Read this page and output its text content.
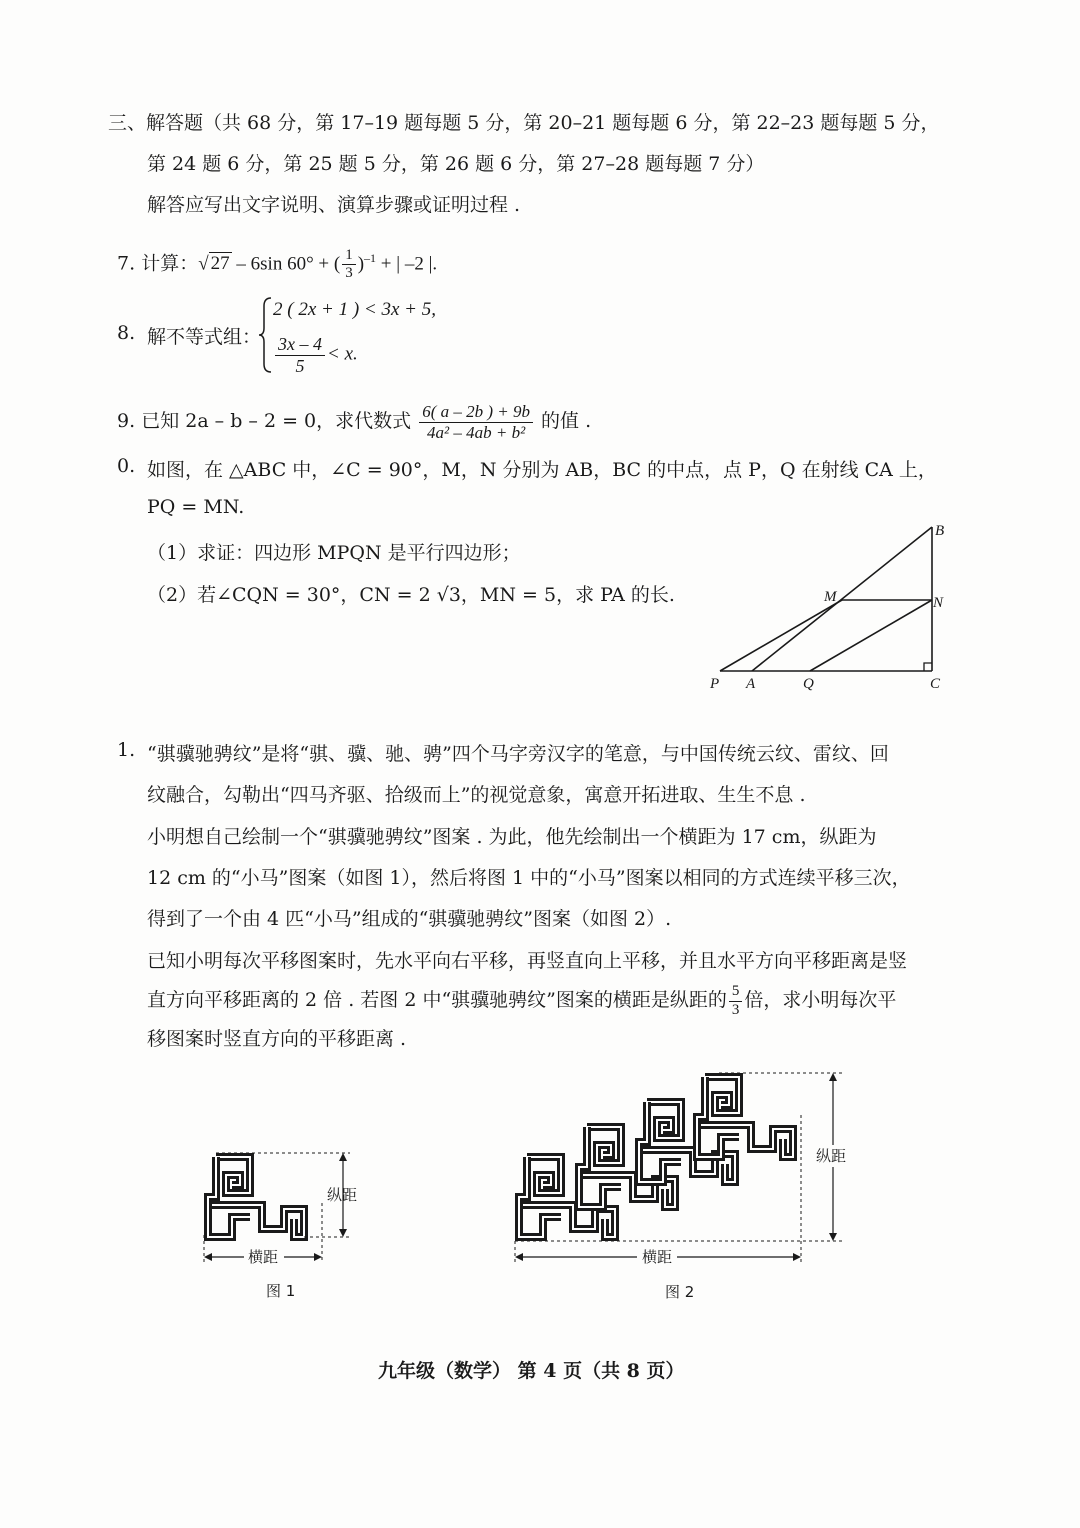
三、解答题（共 68 分，第 17–19 题每题 5 分，第 20–21 题每题 6 分，第 22–23 题每题 5 分，
第 24 题 6 分，第 25 题 5 分，第 26 题 6 分，第 27–28 题每题 7 分）
解答应写出文字说明、演算步骤或证明过程 .
7. 计算：√ 27 – 6sin 60° + ( $\frac{1}{3} )^{-1}$ + | –2 |.
8. 解不等式组：
2 ( 2x + 1 ) < 3x + 5,
$\frac{3x - 4}{5} < x$.
9. 已知 2a – b – 2 = 0，求代数式 $\frac{6( a - 2b ) + 9b}{\text{4a² – 4ab + b²}}$ 的值 .
0. 如图，在 △ABC 中，∠C = 90°，M，N 分别为 AB，BC 的中点，点 P，Q 在射线 CA 上，
PQ = MN.
（1）求证：四边形 MPQN 是平行四边形；
（2）若∠CQN = 30°，CN = 2 √3，MN = 5，求 PA 的长.
B
M	N
P A	Q	C
1. “骐骥驰骋纹”是将“骐、骥、驰、骋”四个马字旁汉字的笔意，与中国传统云纹、雷纹、回
纹融合，勾勒出“四马齐驱、拾级而上”的视觉意象，寓意开拓进取、生生不息 .
小明想自己绘制一个“骐骥驰骋纹”图案 . 为此，他先绘制出一个横距为 17 cm，纵距为
12 cm 的“小马”图案（如图 1），然后将图 1 中的“小马”图案以相同的方式连续平移三次，
得到了一个由 4 匹“小马”组成的“骐骥驰骋纹”图案（如图 2）.
已知小明每次平移图案时，先水平向右平移，再竖直向上平移，并且水平方向平移距离是竖
直方向平移距离的 2 倍 . 若图 2 中“骐骥驰骋纹”图案的横距是纵距的 $\frac{5}{3}$ 倍，求小明每次平
移图案时竖直方向的平移距离 .
纵距
横距
图 1
纵距
横距
图 2
九年级（数学） 第 4 页（共 8 页）
